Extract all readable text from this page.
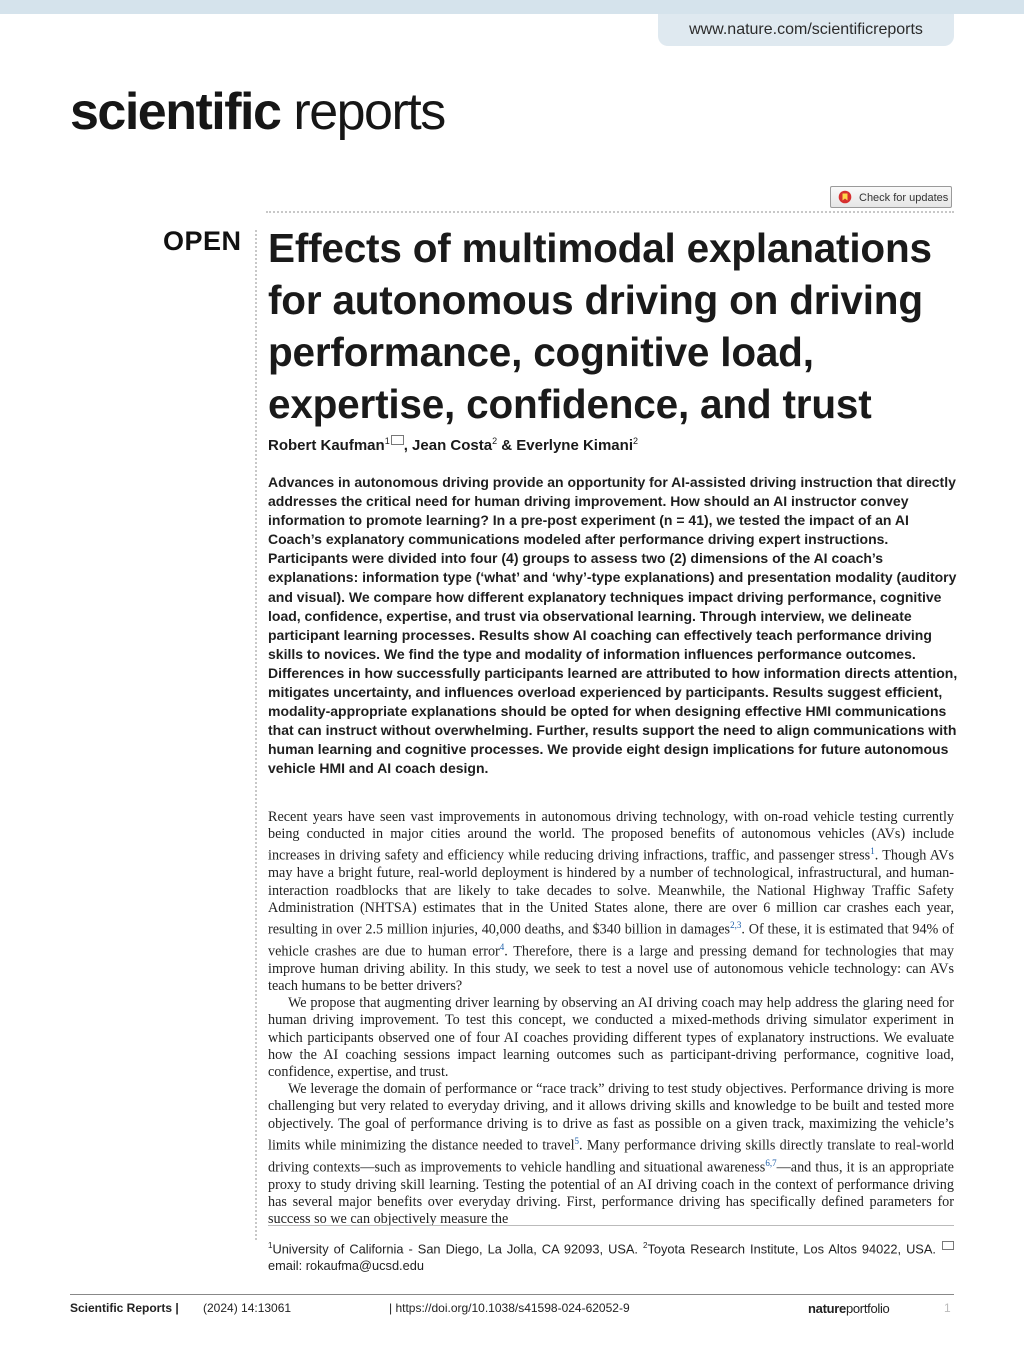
www.nature.com/scientificreports
scientific reports
Check for updates
OPEN Effects of multimodal explanations for autonomous driving on driving performance, cognitive load, expertise, confidence, and trust
Robert Kaufman$^1$ , Jean Costa$^2$ & Everlyne Kimani$^2$

Advances in autonomous driving provide an opportunity for AI-assisted driving instruction that directly addresses the critical need for human driving improvement. How should an AI instructor convey information to promote learning? In a pre-post experiment (n = 41), we tested the impact of an AI Coach’s explanatory communications modeled after performance driving expert instructions. Participants were divided into four (4) groups to assess two (2) dimensions of the AI coach’s explanations: information type (‘what’ and ‘why’-type explanations) and presentation modality (auditory and visual). We compare how different explanatory techniques impact driving performance, cognitive load, confidence, expertise, and trust via observational learning. Through interview, we delineate participant learning processes. Results show AI coaching can effectively teach performance driving skills to novices. We find the type and modality of information influences performance outcomes. Differences in how successfully participants learned are attributed to how information directs attention, mitigates uncertainty, and influences overload experienced by participants. Results suggest efficient, modality-appropriate explanations should be opted for when designing effective HMI communications that can instruct without overwhelming. Further, results support the need to align communications with human learning and cognitive processes. We provide eight design implications for future autonomous vehicle HMI and AI coach design.

Recent years have seen vast improvements in autonomous driving technology, with on-road vehicle testing currently being conducted in major cities around the world. The proposed benefits of autonomous vehicles (AVs) include increases in driving safety and efficiency while reducing driving infractions, traffic, and passenger stress$^1$. Though AVs may have a bright future, real-world deployment is hindered by a number of technological, infrastructural, and human-interaction roadblocks that are likely to take decades to solve. Meanwhile, the National Highway Traffic Safety Administration (NHTSA) estimates that in the United States alone, there are over 6 million car crashes each year, resulting in over 2.5 million injuries, 40,000 deaths, and $340 billion in damages$^{2,3}$. Of these, it is estimated that 94% of vehicle crashes are due to human error$^4$. Therefore, there is a large and pressing demand for technologies that may improve human driving ability. In this study, we seek to test a novel use of autonomous vehicle technology: can AVs teach humans to be better drivers?

We propose that augmenting driver learning by observing an AI driving coach may help address the glaring need for human driving improvement. To test this concept, we conducted a mixed-methods driving simulator experiment in which participants observed one of four AI coaches providing different types of explanatory instructions. We evaluate how the AI coaching sessions impact learning outcomes such as participant-driving performance, cognitive load, confidence, expertise, and trust.

We leverage the domain of performance or “race track” driving to test study objectives. Performance driving is more challenging but very related to everyday driving, and it allows driving skills and knowledge to be built and tested more objectively. The goal of performance driving is to drive as fast as possible on a given track, maximizing the vehicle’s limits while minimizing the distance needed to travel$^5$. Many performance driving skills directly translate to real-world driving contexts—such as improvements to vehicle handling and situational awareness$^{6,7}$—and thus, it is an appropriate proxy to study driving skill learning. Testing the potential of an AI driving coach in the context of performance driving has several major benefits over everyday driving. First, performance driving has specifically defined parameters for success so we can objectively measure the

$^1$University of California - San Diego, La Jolla, CA 92093, USA. $^2$Toyota Research Institute, Los Altos 94022, USA. email: rokaufma@ucsd.edu
Scientific Reports | (2024) 14:13061	| https://doi.org/10.1038/s41598-024-62052-9	natureportfolio	1
